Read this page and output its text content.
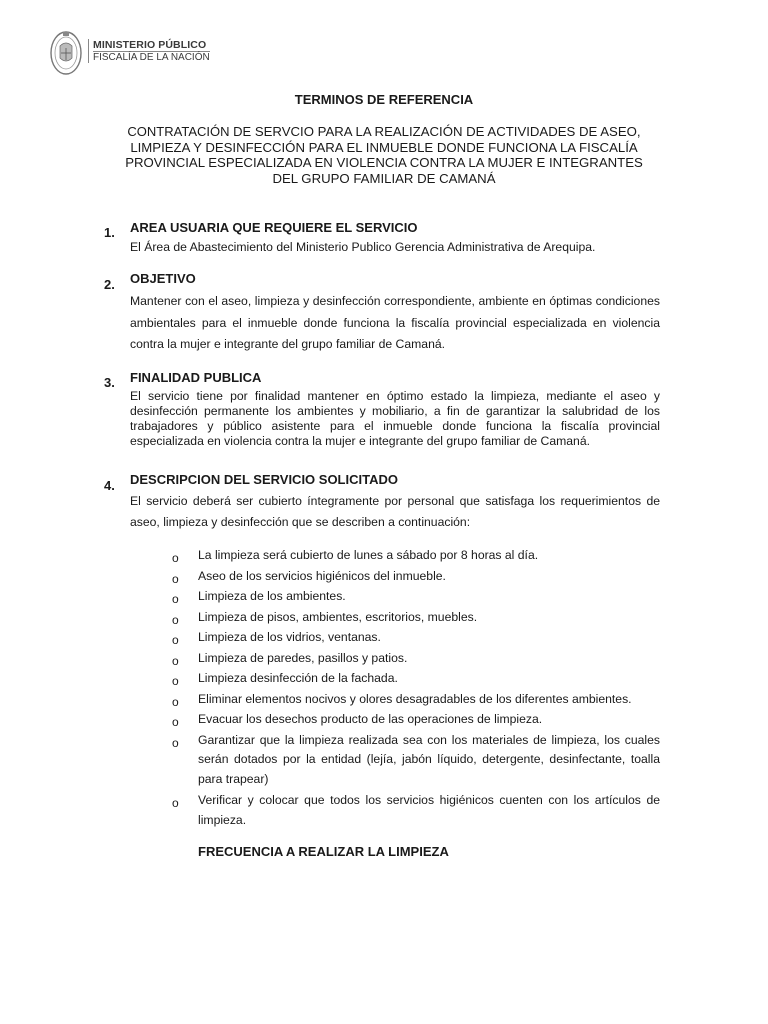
MINISTERIO PÚBLICO
FISCALÍA DE LA NACIÓN
TERMINOS DE REFERENCIA
CONTRATACIÓN DE SERVCIO PARA LA REALIZACIÓN DE ACTIVIDADES DE ASEO, LIMPIEZA Y DESINFECCIÓN PARA EL INMUEBLE DONDE FUNCIONA LA FISCALÍA PROVINCIAL ESPECIALIZADA EN VIOLENCIA CONTRA LA MUJER E INTEGRANTES DEL GRUPO FAMILIAR DE CAMANÁ
1. AREA USUARIA QUE REQUIERE EL SERVICIO
El Área de Abastecimiento del Ministerio Publico Gerencia Administrativa de Arequipa.
2. OBJETIVO
Mantener con el aseo, limpieza y desinfección correspondiente, ambiente en óptimas condiciones ambientales para el inmueble donde funciona la fiscalía provincial especializada en violencia contra la mujer e integrante del grupo familiar de Camaná.
3. FINALIDAD PUBLICA
El servicio tiene por finalidad mantener en óptimo estado la limpieza, mediante el aseo y desinfección permanente los ambientes y mobiliario, a fin de garantizar la salubridad de los trabajadores y público asistente para el inmueble donde funciona la fiscalía provincial especializada en violencia contra la mujer e integrante del grupo familiar de Camaná.
4. DESCRIPCION DEL SERVICIO SOLICITADO
El servicio deberá ser cubierto íntegramente por personal que satisfaga los requerimientos de aseo, limpieza y desinfección que se describen a continuación:
o La limpieza será cubierto de lunes a sábado por 8 horas al día.
o Aseo de los servicios higiénicos del inmueble.
o Limpieza de los ambientes.
o Limpieza de pisos, ambientes, escritorios, muebles.
o Limpieza de los vidrios, ventanas.
o Limpieza de paredes, pasillos y patios.
o Limpieza desinfección de la fachada.
o Eliminar elementos nocivos y olores desagradables de los diferentes ambientes.
o Evacuar los desechos producto de las operaciones de limpieza.
o Garantizar que la limpieza realizada sea con los materiales de limpieza, los cuales serán dotados por la entidad (lejía, jabón líquido, detergente, desinfectante, toalla para trapear)
o Verificar y colocar que todos los servicios higiénicos cuenten con los artículos de limpieza.
FRECUENCIA A REALIZAR LA LIMPIEZA
